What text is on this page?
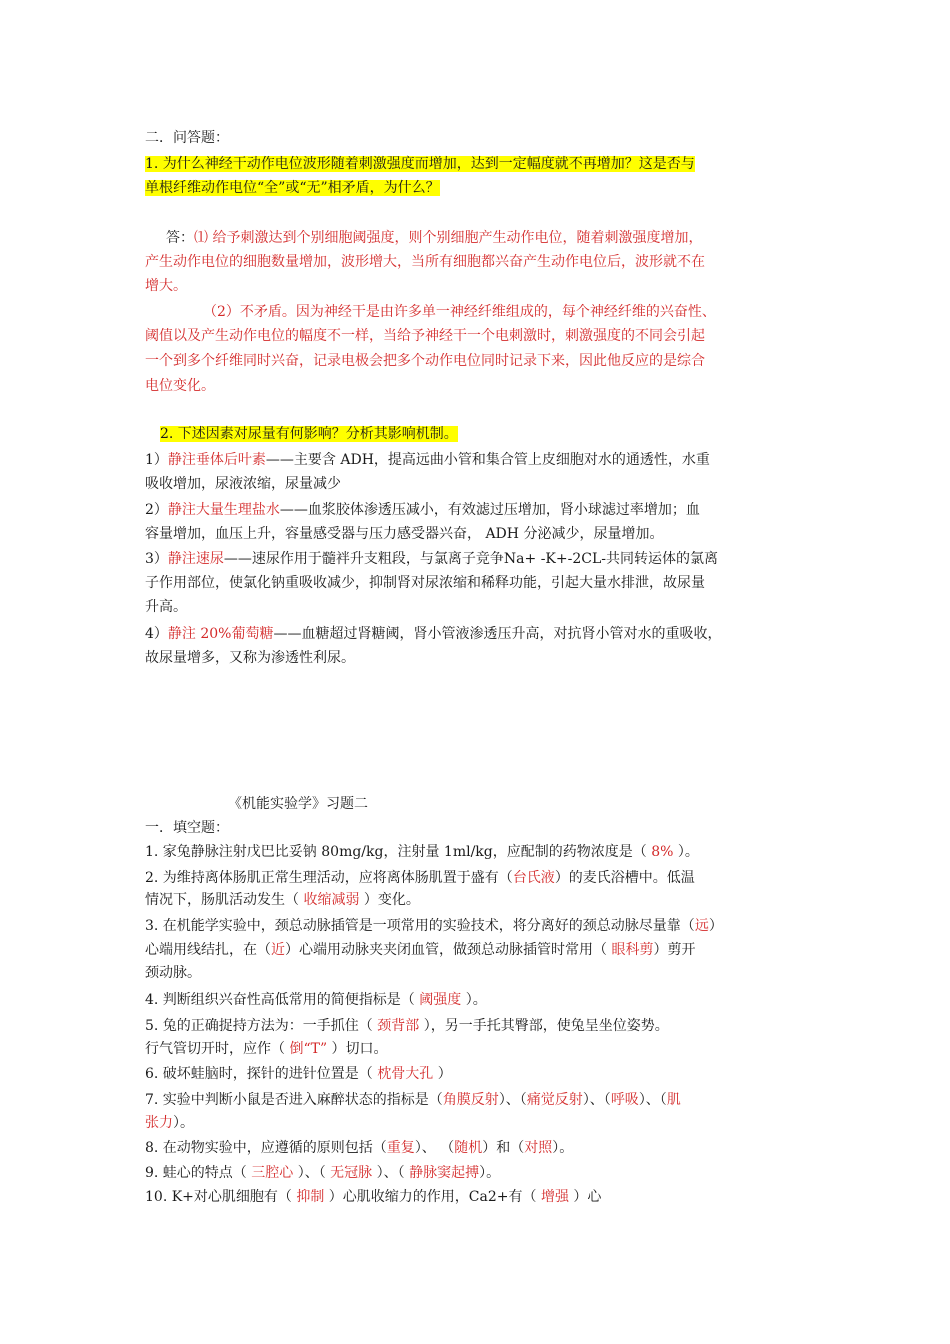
二．问答题：
1. 为什么神经干动作电位波形随着刺激强度而增加，达到一定幅度就不再增加？这是否与
单根纤维动作电位“全”或“无”相矛盾，为什么？
答：⑴ 给予刺激达到个别细胞阈强度，则个别细胞产生动作电位，随着刺激强度增加，
产生动作电位的细胞数量增加，波形增大，当所有细胞都兴奋产生动作电位后，波形就不在
增大。
（2）不矛盾。因为神经干是由许多单一神经纤维组成的，每个神经纤维的兴奋性、
阈值以及产生动作电位的幅度不一样，当给予神经干一个电刺激时，刺激强度的不同会引起
一个到多个纤维同时兴奋，记录电极会把多个动作电位同时记录下来，因此他反应的是综合
电位变化。
2. 下述因素对尿量有何影响？分析其影响机制。
1）静注垂体后叶素——主要含 ADH，提高远曲小管和集合管上皮细胞对水的通透性，水重
吸收增加，尿液浓缩，尿量减少
2）静注大量生理盐水——血浆胶体渗透压减小，有效滤过压增加，肾小球滤过率增加；血
容量增加，血压上升，容量感受器与压力感受器兴奋， ADH 分泌减少，尿量增加。
3）静注速尿——速尿作用于髓袢升支粗段，与氯离子竞争Na+ -K+-2CL-共同转运体的氯离
子作用部位，使氯化钠重吸收减少，抑制肾对尿浓缩和稀释功能，引起大量水排泄，故尿量
升高。
4）静注 20%葡萄糖——血糖超过肾糖阈，肾小管液渗透压升高，对抗肾小管对水的重吸收，
故尿量增多，又称为渗透性利尿。
《机能实验学》习题二
一．填空题：
1. 家兔静脉注射戊巴比妥钠 80mg/kg，注射量 1ml/kg，应配制的药物浓度是（ 8% ）。
2. 为维持离体肠肌正常生理活动，应将离体肠肌置于盛有（台氏液）的麦氏浴槽中。低温
情况下，肠肌活动发生（ 收缩减弱 ）变化。
3. 在机能学实验中，颈总动脉插管是一项常用的实验技术，将分离好的颈总动脉尽量靠（远）
心端用线结扎，在（近）心端用动脉夹夹闭血管，做颈总动脉插管时常用（ 眼科剪）剪开
颈动脉。
4. 判断组织兴奋性高低常用的简便指标是（ 阈强度 ）。
5. 兔的正确捉持方法为：一手抓住（ 颈背部 ），另一手托其臀部，使兔呈坐位姿势。
行气管切开时，应作（ 倒“T” ）切口。
6. 破坏蛙脑时，探针的进针位置是（ 枕骨大孔 ）
7. 实验中判断小鼠是否进入麻醉状态的指标是（角膜反射）、（痛觉反射）、（呼吸）、（肌
张力）。
8. 在动物实验中，应遵循的原则包括（重复）、 （随机）和（对照）。
9. 蛙心的特点（ 三腔心 ）、（ 无冠脉 ）、（ 静脉窦起搏）。
10. K+对心肌细胞有（ 抑制 ）心肌收缩力的作用，Ca2+有（ 增强 ）心
